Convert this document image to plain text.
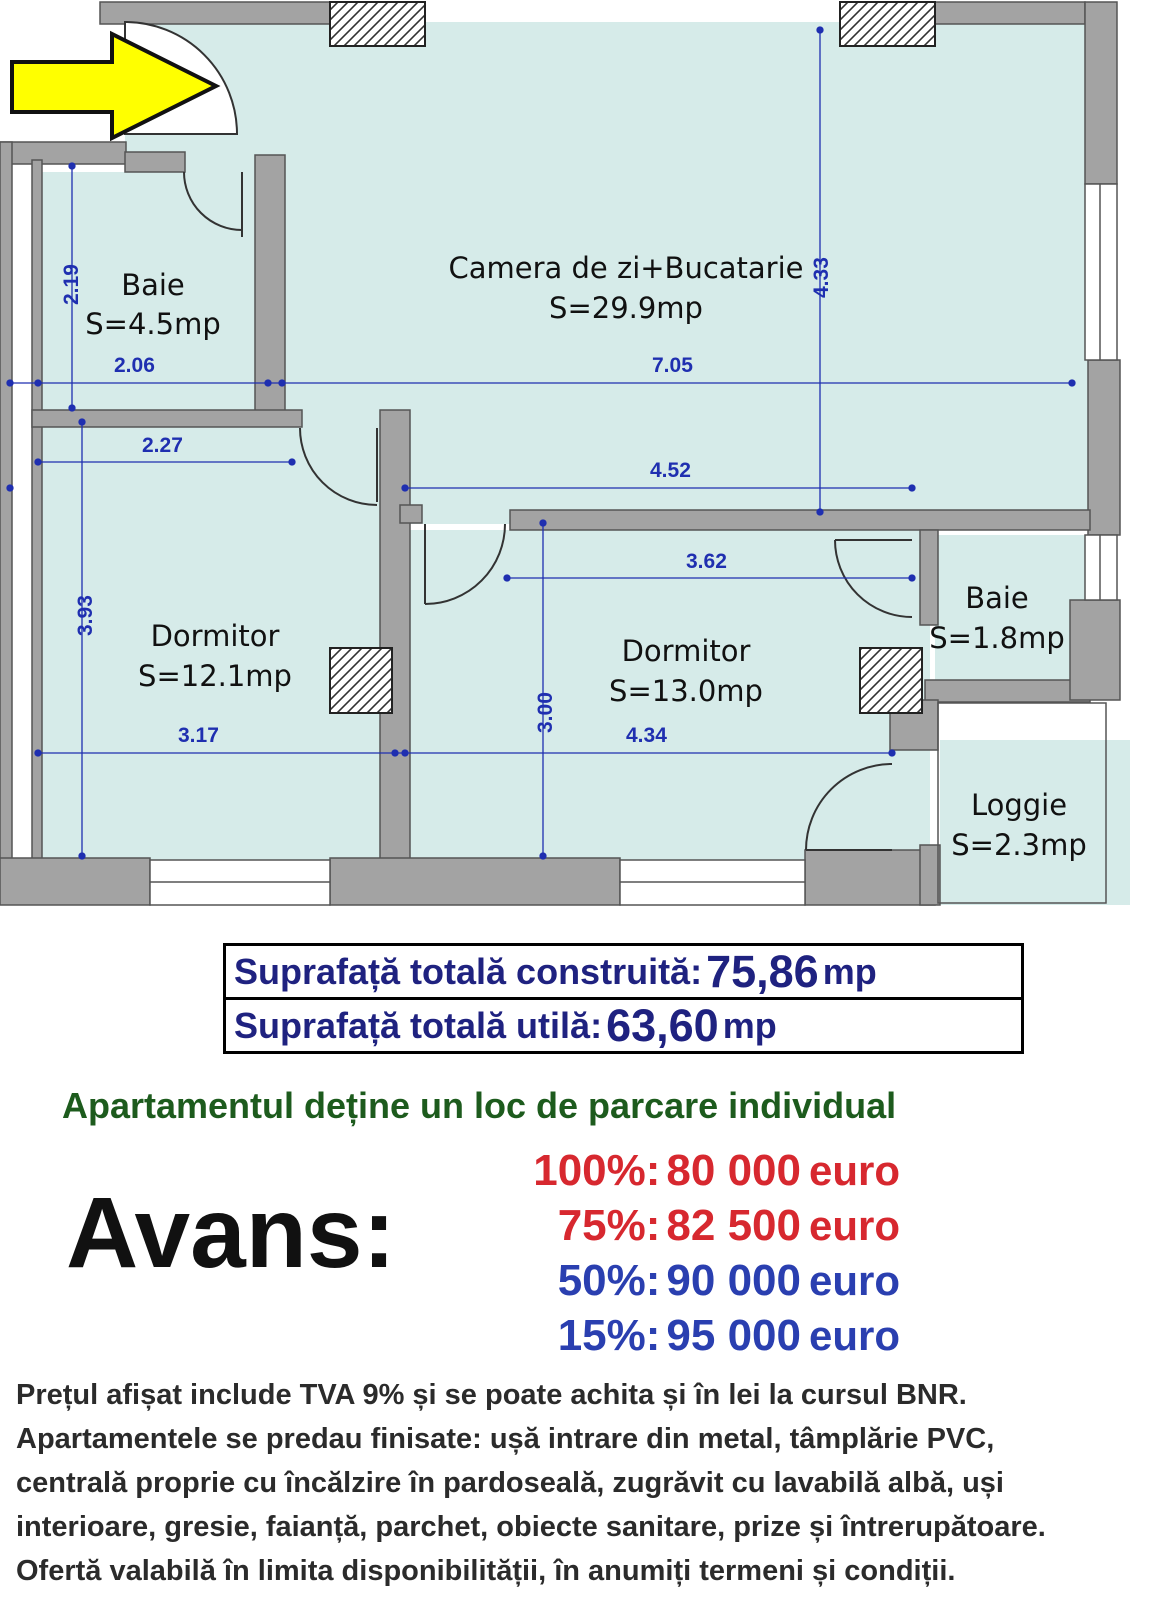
2.19
2.06	7.05
4.33
2.27
4.52
3.62
3.93
3.00
3.17	4.34
Camera de zi+Bucatarie
S=29.9mp
Baie
S=4.5mp
Dormitor
S=12.1mp
Dormitor
S=13.0mp
Baie
S=1.8mp
Loggie
S=2.3mp
Suprafață totală construită: 75,86 mp
Suprafață totală utilă: 63,60 mp
Apartamentul deține un loc de parcare individual
Avans:
100%: 80 000 euro
75%: 82 500 euro
50%: 90 000 euro
15%: 95 000 euro
Prețul afișat include TVA 9% și se poate achita și în lei la cursul BNR.
Apartamentele se predau finisate: ușă intrare din metal, tâmplărie PVC,
centrală proprie cu încălzire în pardoseală, zugrăvit cu lavabilă albă, uși
interioare, gresie, faianță, parchet, obiecte sanitare, prize și întrerupătoare.
Ofertă valabilă în limita disponibilității, în anumiți termeni și condiții.
